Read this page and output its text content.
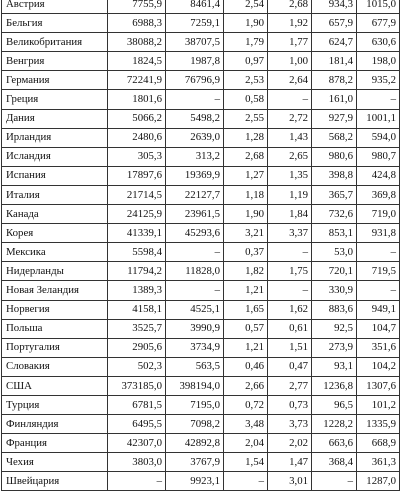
Австрия	7755,9	8461,4	2,54	2,68	934,3	1015,0
Бельгия	6988,3	7259,1	1,90	1,92	657,9	677,9
Великобритания	38088,2	38707,5	1,79	1,77	624,7	630,6
Венгрия	1824,5	1987,8	0,97	1,00	181,4	198,0
Германия	72241,9	76796,9	2,53	2,64	878,2	935,2
Греция	1801,6	–	0,58	–	161,0	–
Дания	5066,2	5498,2	2,55	2,72	927,9	1001,1
Ирландия	2480,6	2639,0	1,28	1,43	568,2	594,0
Исландия	305,3	313,2	2,68	2,65	980,6	980,7
Испания	17897,6	19369,9	1,27	1,35	398,8	424,8
Италия	21714,5	22127,7	1,18	1,19	365,7	369,8
Канада	24125,9	23961,5	1,90	1,84	732,6	719,0
Корея	41339,1	45293,6	3,21	3,37	853,1	931,8
Мексика	5598,4	–	0,37	–	53,0	–
Нидерланды	11794,2	11828,0	1,82	1,75	720,1	719,5
Новая Зеландия	1389,3	–	1,21	–	330,9	–
Норвегия	4158,1	4525,1	1,65	1,62	883,6	949,1
Польша	3525,7	3990,9	0,57	0,61	92,5	104,7
Португалия	2905,6	3734,9	1,21	1,51	273,9	351,6
Словакия	502,3	563,5	0,46	0,47	93,1	104,2
США	373185,0	398194,0	2,66	2,77	1236,8	1307,6
Турция	6781,5	7195,0	0,72	0,73	96,5	101,2
Финляндия	6495,5	7098,2	3,48	3,73	1228,2	1335,9
Франция	42307,0	42892,8	2,04	2,02	663,6	668,9
Чехия	3803,0	3767,9	1,54	1,47	368,4	361,3
Швейцария	–	9923,1	–	3,01	–	1287,0
